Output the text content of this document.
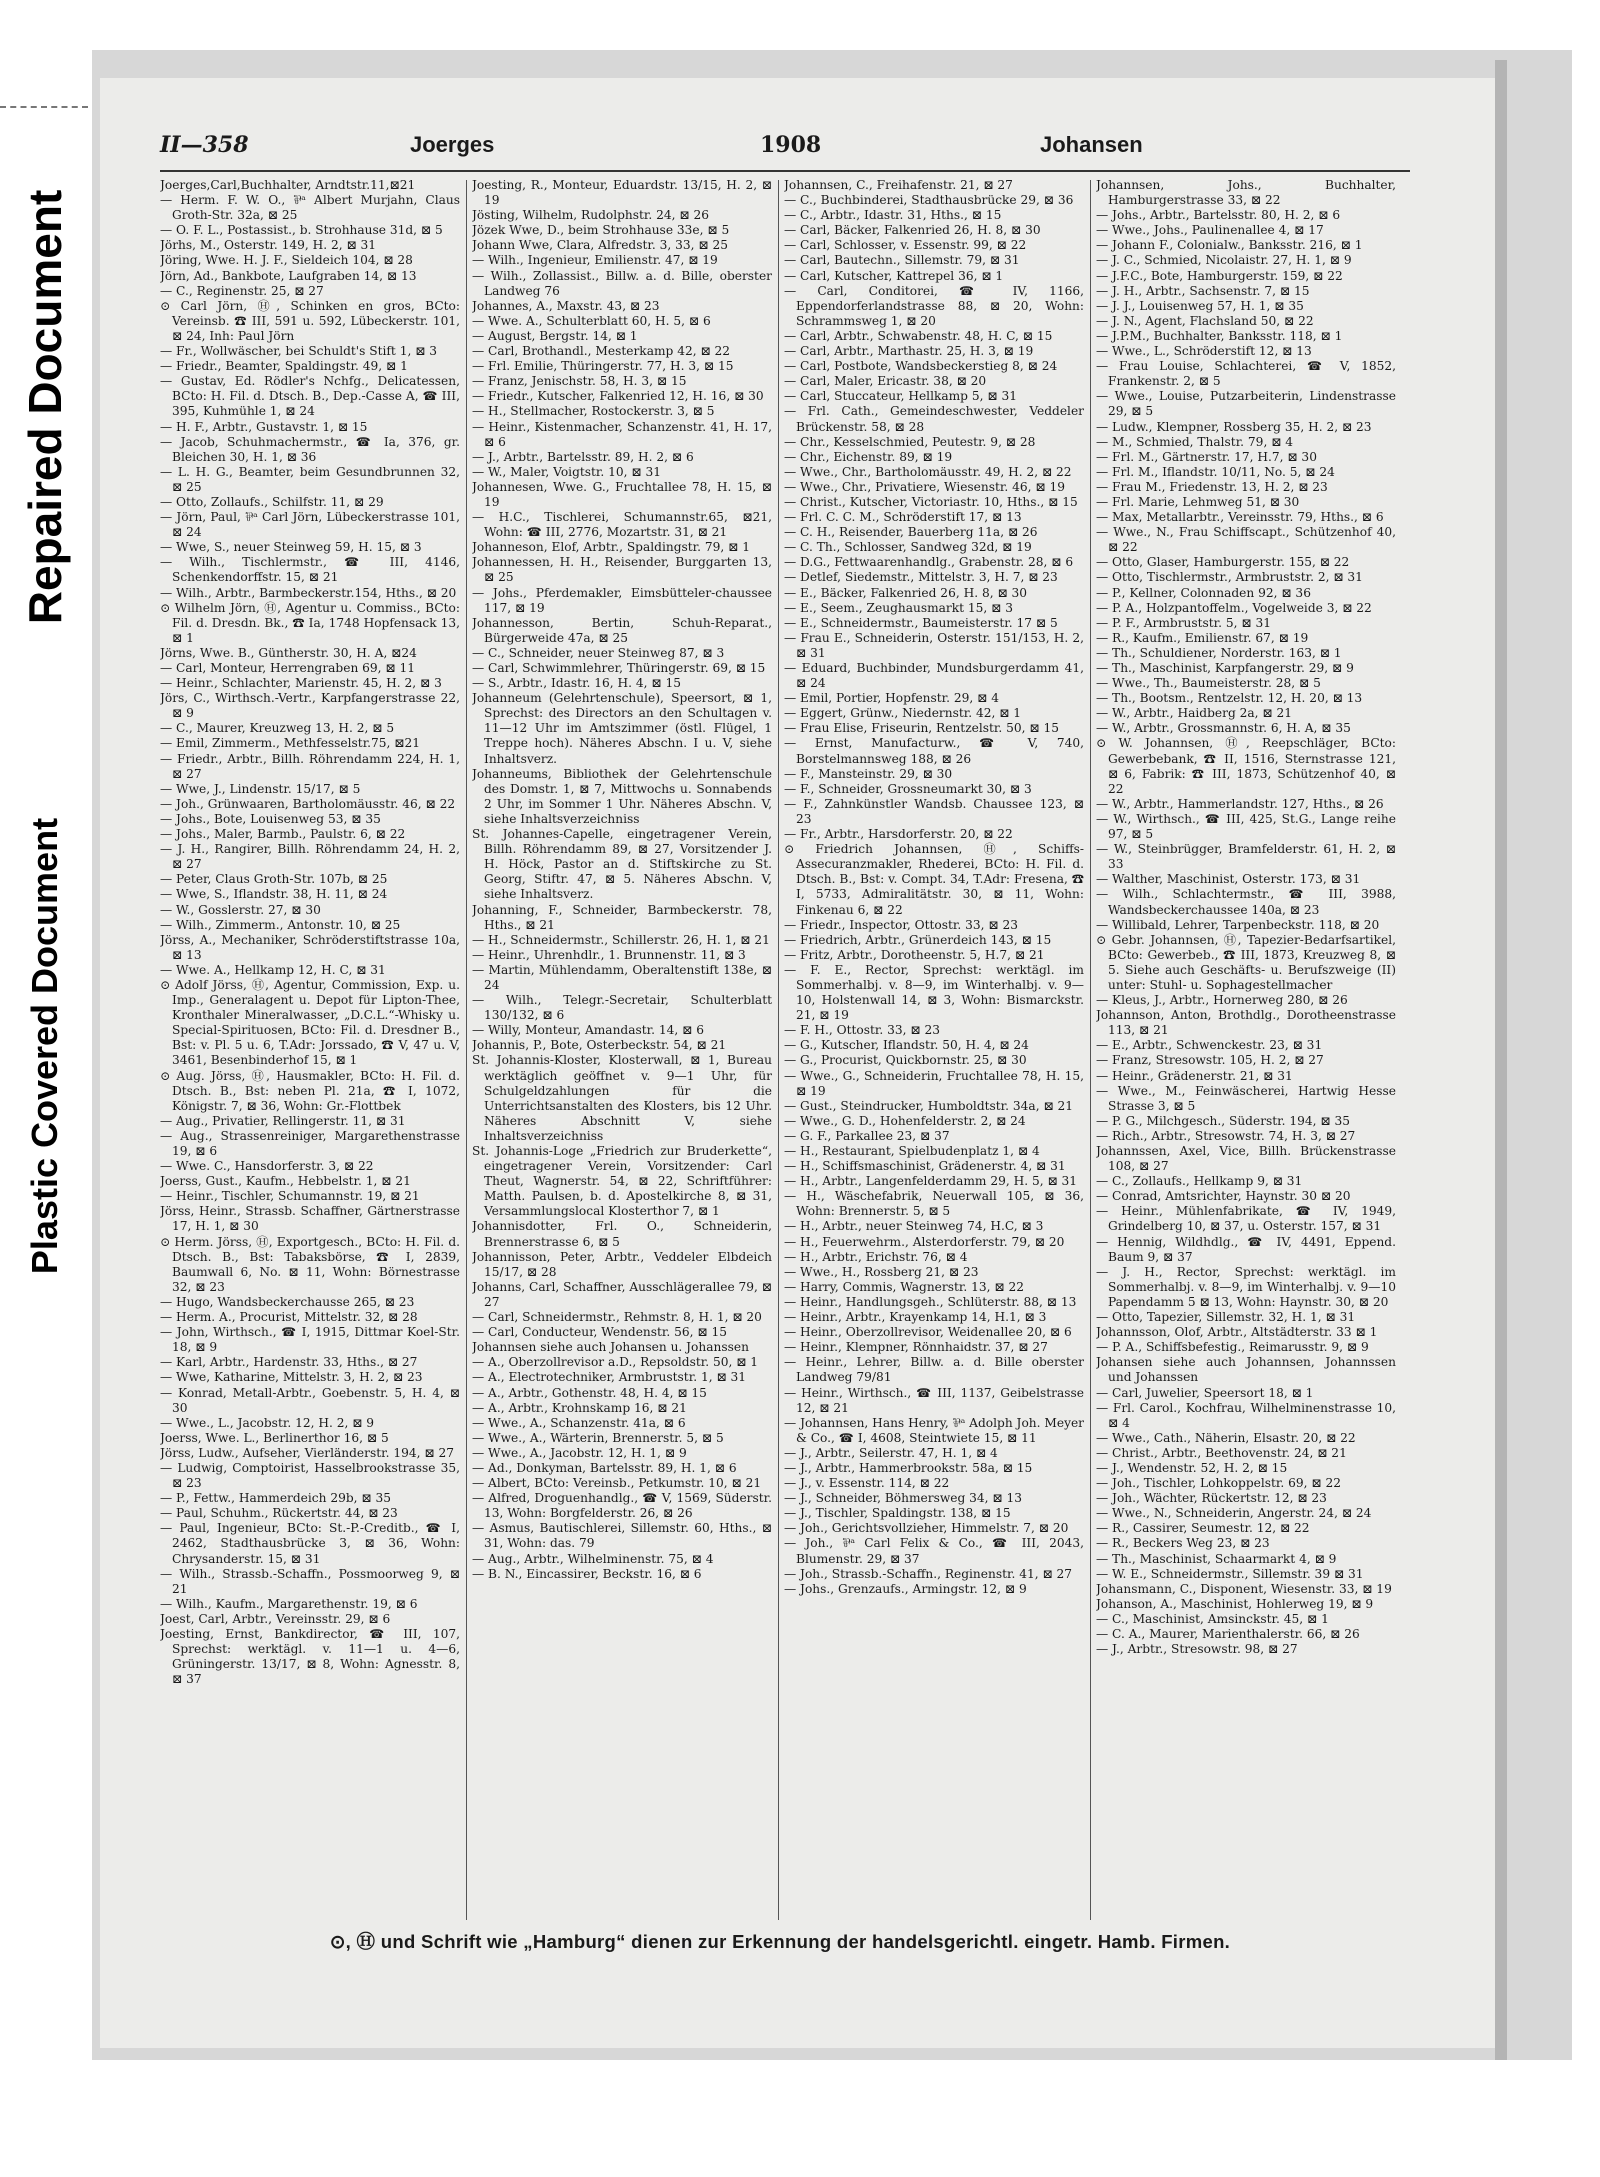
Repaired Document
Plastic Covered Document
II—358	Joerges	1908	Johansen

Joerges,Carl,Buchhalter, Arndtstr.11,⊠21

— Herm. F. W. O., ⅌ᵃ Albert Murjahn, Claus Groth-Str. 32a, ⊠ 25

— O. F. L., Postassist., b. Strohhause 31d, ⊠ 5

Jörhs, M., Osterstr. 149, H. 2, ⊠ 31

Jöring, Wwe. H. J. F., Sieldeich 104, ⊠ 28

Jörn, Ad., Bankbote, Laufgraben 14, ⊠ 13

— C., Reginenstr. 25, ⊠ 27

⊙ Carl Jörn, Ⓗ, Schinken en gros, BCto: Vereinsb. ☎ III, 591 u. 592, Lübeckerstr. 101, ⊠ 24, Inh: Paul Jörn

— Fr., Wollwäscher, bei Schuldt's Stift 1, ⊠ 3

— Friedr., Beamter, Spaldingstr. 49, ⊠ 1

— Gustav, Ed. Rödler's Nchfg., Delicatessen, BCto: H. Fil. d. Dtsch. B., Dep.-Casse A, ☎ III, 395, Kuhmühle 1, ⊠ 24

— H. F., Arbtr., Gustavstr. 1, ⊠ 15

— Jacob, Schuhmachermstr., ☎ Ia, 376, gr. Bleichen 30, H. 1, ⊠ 36

— L. H. G., Beamter, beim Gesundbrunnen 32, ⊠ 25

— Otto, Zollaufs., Schilfstr. 11, ⊠ 29

— Jörn, Paul, ⅌ᵃ Carl Jörn, Lübeckerstrasse 101, ⊠ 24

— Wwe, S., neuer Steinweg 59, H. 15, ⊠ 3

— Wilh., Tischlermstr., ☎ III, 4146, Schenkendorffstr. 15, ⊠ 21

— Wilh., Arbtr., Barmbeckerstr.154, Hths., ⊠ 20

⊙ Wilhelm Jörn, Ⓗ, Agentur u. Commiss., BCto: Fil. d. Dresdn. Bk., ☎ Ia, 1748 Hopfensack 13, ⊠ 1

Jörns, Wwe. B., Güntherstr. 30, H. A, ⊠24

— Carl, Monteur, Herrengraben 69, ⊠ 11

— Heinr., Schlachter, Marienstr. 45, H. 2, ⊠ 3

Jörs, C., Wirthsch.-Vertr., Karpfangerstrasse 22, ⊠ 9

— C., Maurer, Kreuzweg 13, H. 2, ⊠ 5

— Emil, Zimmerm., Methfesselstr.75, ⊠21

— Friedr., Arbtr., Billh. Röhrendamm 224, H. 1, ⊠ 27

— Wwe, J., Lindenstr. 15/17, ⊠ 5

— Joh., Grünwaaren, Bartholomäusstr. 46, ⊠ 22

— Johs., Bote, Louisenweg 53, ⊠ 35

— Johs., Maler, Barmb., Paulstr. 6, ⊠ 22

— J. H., Rangirer, Billh. Röhrendamm 24, H. 2, ⊠ 27

— Peter, Claus Groth-Str. 107b, ⊠ 25

— Wwe, S., Iflandstr. 38, H. 11, ⊠ 24

— W., Gosslerstr. 27, ⊠ 30

— Wilh., Zimmerm., Antonstr. 10, ⊠ 25

Jörss, A., Mechaniker, Schröderstiftstrasse 10a, ⊠ 13

— Wwe. A., Hellkamp 12, H. C, ⊠ 31

⊙ Adolf Jörss, Ⓗ, Agentur, Commission, Exp. u. Imp., Generalagent u. Depot für Lipton-Thee, Kronthaler Mineralwasser, „D.C.L.“-Whisky u. Special-Spirituosen, BCto: Fil. d. Dresdner B., Bst: v. Pl. 5 u. 6, T.Adr: Jorssado, ☎ V, 47 u. V, 3461, Besenbinderhof 15, ⊠ 1

⊙ Aug. Jörss, Ⓗ, Hausmakler, BCto: H. Fil. d. Dtsch. B., Bst: neben Pl. 21a, ☎ I, 1072, Königstr. 7, ⊠ 36, Wohn: Gr.-Flottbek

— Aug., Privatier, Rellingerstr. 11, ⊠ 31

— Aug., Strassenreiniger, Margarethenstrasse 19, ⊠ 6

— Wwe. C., Hansdorferstr. 3, ⊠ 22

Joerss, Gust., Kaufm., Hebbelstr. 1, ⊠ 21

— Heinr., Tischler, Schumannstr. 19, ⊠ 21

Jörss, Heinr., Strassb. Schaffner, Gärtnerstrasse 17, H. 1, ⊠ 30

⊙ Herm. Jörss, Ⓗ, Exportgesch., BCto: H. Fil. d. Dtsch. B., Bst: Tabaksbörse, ☎ I, 2839, Baumwall 6, No. ⊠ 11, Wohn: Börnestrasse 32, ⊠ 23

— Hugo, Wandsbeckerchausse 265, ⊠ 23

— Herm. A., Procurist, Mittelstr. 32, ⊠ 28

— John, Wirthsch., ☎ I, 1915, Dittmar Koel-Str. 18, ⊠ 9

— Karl, Arbtr., Hardenstr. 33, Hths., ⊠ 27

— Wwe, Katharine, Mittelstr. 3, H. 2, ⊠ 23

— Konrad, Metall-Arbtr., Goebenstr. 5, H. 4, ⊠ 30

— Wwe., L., Jacobstr. 12, H. 2, ⊠ 9

Joerss, Wwe. L., Berlinerthor 16, ⊠ 5

Jörss, Ludw., Aufseher, Vierländerstr. 194, ⊠ 27

— Ludwig, Comptoirist, Hasselbrookstrasse 35, ⊠ 23

— P., Fettw., Hammerdeich 29b, ⊠ 35

— Paul, Schuhm., Rückertstr. 44, ⊠ 23

— Paul, Ingenieur, BCto: St.-P.-Creditb., ☎ I, 2462, Stadthausbrücke 3, ⊠ 36, Wohn: Chrysanderstr. 15, ⊠ 31

— Wilh., Strassb.-Schaffn., Possmoorweg 9, ⊠ 21

— Wilh., Kaufm., Margarethenstr. 19, ⊠ 6

Joest, Carl, Arbtr., Vereinsstr. 29, ⊠ 6

Joesting, Ernst, Bankdirector, ☎ III, 107, Sprechst: werktägl. v. 11—1 u. 4—6, Grüningerstr. 13/17, ⊠ 8, Wohn: Agnesstr. 8, ⊠ 37

Joesting, R., Monteur, Eduardstr. 13/15, H. 2, ⊠ 19

Jösting, Wilhelm, Rudolphstr. 24, ⊠ 26

Jözek Wwe, D., beim Strohhause 33e, ⊠ 5

Johann Wwe, Clara, Alfredstr. 3, 33, ⊠ 25

— Wilh., Ingenieur, Emilienstr. 47, ⊠ 19

— Wilh., Zollassist., Billw. a. d. Bille, oberster Landweg 76

Johannes, A., Maxstr. 43, ⊠ 23

— Wwe. A., Schulterblatt 60, H. 5, ⊠ 6

— August, Bergstr. 14, ⊠ 1

— Carl, Brothandl., Mesterkamp 42, ⊠ 22

— Frl. Emilie, Thüringerstr. 77, H. 3, ⊠ 15

— Franz, Jenischstr. 58, H. 3, ⊠ 15

— Friedr., Kutscher, Falkenried 12, H. 16, ⊠ 30

— H., Stellmacher, Rostockerstr. 3, ⊠ 5

— Heinr., Kistenmacher, Schanzenstr. 41, H. 17, ⊠ 6

— J., Arbtr., Bartelsstr. 89, H. 2, ⊠ 6

— W., Maler, Voigtstr. 10, ⊠ 31

Johannesen, Wwe. G., Fruchtallee 78, H. 15, ⊠ 19

— H.C., Tischlerei, Schumannstr.65, ⊠21, Wohn: ☎ III, 2776, Mozartstr. 31, ⊠ 21

Johanneson, Elof, Arbtr., Spaldingstr. 79, ⊠ 1

Johannessen, H. H., Reisender, Burggarten 13, ⊠ 25

— Johs., Pferdemakler, Eimsbütteler-chaussee 117, ⊠ 19

Johannesson, Bertin, Schuh-Reparat., Bürgerweide 47a, ⊠ 25

— C., Schneider, neuer Steinweg 87, ⊠ 3

— Carl, Schwimmlehrer, Thüringerstr. 69, ⊠ 15

— S., Arbtr., Idastr. 16, H. 4, ⊠ 15

Johanneum (Gelehrtenschule), Speersort, ⊠ 1, Sprechst: des Directors an den Schultagen v. 11—12 Uhr im Amtszimmer (östl. Flügel, 1 Treppe hoch). Näheres Abschn. I u. V, siehe Inhaltsverz.

Johanneums, Bibliothek der Gelehrtenschule des Domstr. 1, ⊠ 7, Mittwochs u. Sonnabends 2 Uhr, im Sommer 1 Uhr. Näheres Abschn. V, siehe Inhaltsverzeichniss

St. Johannes-Capelle, eingetragener Verein, Billh. Röhrendamm 89, ⊠ 27, Vorsitzender J. H. Höck, Pastor an d. Stiftskirche zu St. Georg, Stiftr. 47, ⊠ 5. Näheres Abschn. V, siehe Inhaltsverz.

Johanning, F., Schneider, Barmbeckerstr. 78, Hths., ⊠ 21

— H., Schneidermstr., Schillerstr. 26, H. 1, ⊠ 21

— Heinr., Uhrenhdlr., 1. Brunnenstr. 11, ⊠ 3

— Martin, Mühlendamm, Oberaltenstift 138e, ⊠ 24

— Wilh., Telegr.-Secretair, Schulterblatt 130/132, ⊠ 6

— Willy, Monteur, Amandastr. 14, ⊠ 6

Johannis, P., Bote, Osterbeckstr. 54, ⊠ 21

St. Johannis-Kloster, Klosterwall, ⊠ 1, Bureau werktäglich geöffnet v. 9—1 Uhr, für Schulgeldzahlungen für die Unterrichtsanstalten des Klosters, bis 12 Uhr. Näheres Abschnitt V, siehe Inhaltsverzeichniss

St. Johannis-Loge „Friedrich zur Bruderkette“, eingetragener Verein, Vorsitzender: Carl Theut, Wagnerstr. 54, ⊠ 22, Schriftführer: Matth. Paulsen, b. d. Apostelkirche 8, ⊠ 31, Versammlungslocal Klosterthor 7, ⊠ 1

Johannisdotter, Frl. O., Schneiderin, Brennerstrasse 6, ⊠ 5

Johannisson, Peter, Arbtr., Veddeler Elbdeich 15/17, ⊠ 28

Johanns, Carl, Schaffner, Ausschlägerallee 79, ⊠ 27

— Carl, Schneidermstr., Rehmstr. 8, H. 1, ⊠ 20

— Carl, Conducteur, Wendenstr. 56, ⊠ 15

Johannsen siehe auch Johansen u. Johanssen

— A., Oberzollrevisor a.D., Repsoldstr. 50, ⊠ 1

— A., Electrotechniker, Armbruststr. 1, ⊠ 31

— A., Arbtr., Gothenstr. 48, H. 4, ⊠ 15

— A., Arbtr., Krohnskamp 16, ⊠ 21

— Wwe., A., Schanzenstr. 41a, ⊠ 6

— Wwe., A., Wärterin, Brennerstr. 5, ⊠ 5

— Wwe., A., Jacobstr. 12, H. 1, ⊠ 9

— Ad., Donkyman, Bartelsstr. 89, H. 1, ⊠ 6

— Albert, BCto: Vereinsb., Petkumstr. 10, ⊠ 21

— Alfred, Droguenhandlg., ☎ V, 1569, Süderstr. 13, Wohn: Borgfelderstr. 26, ⊠ 26

— Asmus, Bautischlerei, Sillemstr. 60, Hths., ⊠ 31, Wohn: das. 79

— Aug., Arbtr., Wilhelminenstr. 75, ⊠ 4

— B. N., Eincassirer, Beckstr. 16, ⊠ 6

Johannsen, C., Freihafenstr. 21, ⊠ 27

— C., Buchbinderei, Stadthausbrücke 29, ⊠ 36

— C., Arbtr., Idastr. 31, Hths., ⊠ 15

— Carl, Bäcker, Falkenried 26, H. 8, ⊠ 30

— Carl, Schlosser, v. Essenstr. 99, ⊠ 22

— Carl, Bautechn., Sillemstr. 79, ⊠ 31

— Carl, Kutscher, Kattrepel 36, ⊠ 1

— Carl, Conditorei, ☎ IV, 1166, Eppendorferlandstrasse 88, ⊠ 20, Wohn: Schrammsweg 1, ⊠ 20

— Carl, Arbtr., Schwabenstr. 48, H. C, ⊠ 15

— Carl, Arbtr., Marthastr. 25, H. 3, ⊠ 19

— Carl, Postbote, Wandsbeckerstieg 8, ⊠ 24

— Carl, Maler, Ericastr. 38, ⊠ 20

— Carl, Stuccateur, Hellkamp 5, ⊠ 31

— Frl. Cath., Gemeindeschwester, Veddeler Brückenstr. 58, ⊠ 28

— Chr., Kesselschmied, Peutestr. 9, ⊠ 28

— Chr., Eichenstr. 89, ⊠ 19

— Wwe., Chr., Bartholomäusstr. 49, H. 2, ⊠ 22

— Wwe., Chr., Privatiere, Wiesenstr. 46, ⊠ 19

— Christ., Kutscher, Victoriastr. 10, Hths., ⊠ 15

— Frl. C. C. M., Schröderstift 17, ⊠ 13

— C. H., Reisender, Bauerberg 11a, ⊠ 26

— C. Th., Schlosser, Sandweg 32d, ⊠ 19

— D.G., Fettwaarenhandlg., Grabenstr. 28, ⊠ 6

— Detlef, Siedemstr., Mittelstr. 3, H. 7, ⊠ 23

— E., Bäcker, Falkenried 26, H. 8, ⊠ 30

— E., Seem., Zeughausmarkt 15, ⊠ 3

— E., Schneidermstr., Baumeisterstr. 17 ⊠ 5

— Frau E., Schneiderin, Osterstr. 151/153, H. 2, ⊠ 31

— Eduard, Buchbinder, Mundsburgerdamm 41, ⊠ 24

— Emil, Portier, Hopfenstr. 29, ⊠ 4

— Eggert, Grünw., Niedernstr. 42, ⊠ 1

— Frau Elise, Friseurin, Rentzelstr. 50, ⊠ 15

— Ernst, Manufacturw., ☎ V, 740, Borstelmannsweg 188, ⊠ 26

— F., Mansteinstr. 29, ⊠ 30

— F., Schneider, Grossneumarkt 30, ⊠ 3

— F., Zahnkünstler Wandsb. Chaussee 123, ⊠ 23

— Fr., Arbtr., Harsdorferstr. 20, ⊠ 22

⊙ Friedrich Johannsen, Ⓗ, Schiffs-Assecuranzmakler, Rhederei, BCto: H. Fil. d. Dtsch. B., Bst: v. Compt. 34, T.Adr: Fresena, ☎ I, 5733, Admiralitätstr. 30, ⊠ 11, Wohn: Finkenau 6, ⊠ 22

— Friedr., Inspector, Ottostr. 33, ⊠ 23

— Friedrich, Arbtr., Grünerdeich 143, ⊠ 15

— Fritz, Arbtr., Dorotheenstr. 5, H.7, ⊠ 21

— F. E., Rector, Sprechst: werktägl. im Sommerhalbj. v. 8—9, im Winterhalbj. v. 9—10, Holstenwall 14, ⊠ 3, Wohn: Bismarckstr. 21, ⊠ 19

— F. H., Ottostr. 33, ⊠ 23

— G., Kutscher, Iflandstr. 50, H. 4, ⊠ 24

— G., Procurist, Quickbornstr. 25, ⊠ 30

— Wwe., G., Schneiderin, Fruchtallee 78, H. 15, ⊠ 19

— Gust., Steindrucker, Humboldtstr. 34a, ⊠ 21

— Wwe., G. D., Hohenfelderstr. 2, ⊠ 24

— G. F., Parkallee 23, ⊠ 37

— H., Restaurant, Spielbudenplatz 1, ⊠ 4

— H., Schiffsmaschinist, Grädenerstr. 4, ⊠ 31

— H., Arbtr., Langenfelderdamm 29, H. 5, ⊠ 31

— H., Wäschefabrik, Neuerwall 105, ⊠ 36, Wohn: Brennerstr. 5, ⊠ 5

— H., Arbtr., neuer Steinweg 74, H.C, ⊠ 3

— H., Feuerwehrm., Alsterdorferstr. 79, ⊠ 20

— H., Arbtr., Erichstr. 76, ⊠ 4

— Wwe., H., Rossberg 21, ⊠ 23

— Harry, Commis, Wagnerstr. 13, ⊠ 22

— Heinr., Handlungsgeh., Schlüterstr. 88, ⊠ 13

— Heinr., Arbtr., Krayenkamp 14, H.1, ⊠ 3

— Heinr., Oberzollrevisor, Weidenallee 20, ⊠ 6

— Heinr., Klempner, Rönnhaidstr. 37, ⊠ 27

— Heinr., Lehrer, Billw. a. d. Bille oberster Landweg 79/81

— Heinr., Wirthsch., ☎ III, 1137, Geibelstrasse 12, ⊠ 21

— Johannsen, Hans Henry, ⅌ᵃ Adolph Joh. Meyer & Co., ☎ I, 4608, Steintwiete 15, ⊠ 11

— J., Arbtr., Seilerstr. 47, H. 1, ⊠ 4

— J., Arbtr., Hammerbrookstr. 58a, ⊠ 15

— J., v. Essenstr. 114, ⊠ 22

— J., Schneider, Böhmersweg 34, ⊠ 13

— J., Tischler, Spaldingstr. 138, ⊠ 15

— Joh., Gerichtsvollzieher, Himmelstr. 7, ⊠ 20

— Joh., ⅌ᵃ Carl Felix & Co., ☎ III, 2043, Blumenstr. 29, ⊠ 37

— Joh., Strassb.-Schaffn., Reginenstr. 41, ⊠ 27

— Johs., Grenzaufs., Armingstr. 12, ⊠ 9

Johannsen, Johs., Buchhalter, Hamburgerstrasse 33, ⊠ 22

— Johs., Arbtr., Bartelsstr. 80, H. 2, ⊠ 6

— Wwe., Johs., Paulinenallee 4, ⊠ 17

— Johann F., Colonialw., Banksstr. 216, ⊠ 1

— J. C., Schmied, Nicolaistr. 27, H. 1, ⊠ 9

— J.F.C., Bote, Hamburgerstr. 159, ⊠ 22

— J. H., Arbtr., Sachsenstr. 7, ⊠ 15

— J. J., Louisenweg 57, H. 1, ⊠ 35

— J. N., Agent, Flachsland 50, ⊠ 22

— J.P.M., Buchhalter, Banksstr. 118, ⊠ 1

— Wwe., L., Schröderstift 12, ⊠ 13

— Frau Louise, Schlachterei, ☎ V, 1852, Frankenstr. 2, ⊠ 5

— Wwe., Louise, Putzarbeiterin, Lindenstrasse 29, ⊠ 5

— Ludw., Klempner, Rossberg 35, H. 2, ⊠ 23

— M., Schmied, Thalstr. 79, ⊠ 4

— Frl. M., Gärtnerstr. 17, H.7, ⊠ 30

— Frl. M., Iflandstr. 10/11, No. 5, ⊠ 24

— Frau M., Friedenstr. 13, H. 2, ⊠ 23

— Frl. Marie, Lehmweg 51, ⊠ 30

— Max, Metallarbtr., Vereinsstr. 79, Hths., ⊠ 6

— Wwe., N., Frau Schiffscapt., Schützenhof 40, ⊠ 22

— Otto, Glaser, Hamburgerstr. 155, ⊠ 22

— Otto, Tischlermstr., Armbruststr. 2, ⊠ 31

— P., Kellner, Colonnaden 92, ⊠ 36

— P. A., Holzpantoffelm., Vogelweide 3, ⊠ 22

— P. F., Armbruststr. 5, ⊠ 31

— R., Kaufm., Emilienstr. 67, ⊠ 19

— Th., Schuldiener, Norderstr. 163, ⊠ 1

— Th., Maschinist, Karpfangerstr. 29, ⊠ 9

— Wwe., Th., Baumeisterstr. 28, ⊠ 5

— Th., Bootsm., Rentzelstr. 12, H. 20, ⊠ 13

— W., Arbtr., Haidberg 2a, ⊠ 21

— W., Arbtr., Grossmannstr. 6, H. A, ⊠ 35

⊙ W. Johannsen, Ⓗ, Reepschläger, BCto: Gewerbebank, ☎ II, 1516, Sternstrasse 121, ⊠ 6, Fabrik: ☎ III, 1873, Schützenhof 40, ⊠ 22

— W., Arbtr., Hammerlandstr. 127, Hths., ⊠ 26

— W., Wirthsch., ☎ III, 425, St.G., Lange reihe 97, ⊠ 5

— W., Steinbrügger, Bramfelderstr. 61, H. 2, ⊠ 33

— Walther, Maschinist, Osterstr. 173, ⊠ 31

— Wilh., Schlachtermstr., ☎ III, 3988, Wandsbeckerchaussee 140a, ⊠ 23

— Willibald, Lehrer, Tarpenbeckstr. 118, ⊠ 20

⊙ Gebr. Johannsen, Ⓗ, Tapezier-Bedarfsartikel, BCto: Gewerbeb., ☎ III, 1873, Kreuzweg 8, ⊠ 5. Siehe auch Geschäfts- u. Berufszweige (II) unter: Stuhl- u. Sophagestellmacher

— Kleus, J., Arbtr., Hornerweg 280, ⊠ 26

Johannson, Anton, Brothdlg., Dorotheenstrasse 113, ⊠ 21

— E., Arbtr., Schwenckestr. 23, ⊠ 31

— Franz, Stresowstr. 105, H. 2, ⊠ 27

— Heinr., Grädenerstr. 21, ⊠ 31

— Wwe., M., Feinwäscherei, Hartwig Hesse Strasse 3, ⊠ 5

— P. G., Milchgesch., Süderstr. 194, ⊠ 35

— Rich., Arbtr., Stresowstr. 74, H. 3, ⊠ 27

Johannssen, Axel, Vice, Billh. Brückenstrasse 108, ⊠ 27

— C., Zollaufs., Hellkamp 9, ⊠ 31

— Conrad, Amtsrichter, Haynstr. 30 ⊠ 20

— Heinr., Mühlenfabrikate, ☎ IV, 1949, Grindelberg 10, ⊠ 37, u. Osterstr. 157, ⊠ 31

— Hennig, Wildhdlg., ☎ IV, 4491, Eppend. Baum 9, ⊠ 37

— J. H., Rector, Sprechst: werktägl. im Sommerhalbj. v. 8—9, im Winterhalbj. v. 9—10 Papendamm 5 ⊠ 13, Wohn: Haynstr. 30, ⊠ 20

— Otto, Tapezier, Sillemstr. 32, H. 1, ⊠ 31

Johannsson, Olof, Arbtr., Altstädterstr. 33 ⊠ 1

— P. A., Schiffsbefestig., Reimarusstr. 9, ⊠ 9

Johansen siehe auch Johannsen, Johannssen und Johanssen

— Carl, Juwelier, Speersort 18, ⊠ 1

— Frl. Carol., Kochfrau, Wilhelminenstrasse 10, ⊠ 4

— Wwe., Cath., Näherin, Elsastr. 20, ⊠ 22

— Christ., Arbtr., Beethovenstr. 24, ⊠ 21

— J., Wendenstr. 52, H. 2, ⊠ 15

— Joh., Tischler, Lohkoppelstr. 69, ⊠ 22

— Joh., Wächter, Rückertstr. 12, ⊠ 23

— Wwe., N., Schneiderin, Angerstr. 24, ⊠ 24

— R., Cassirer, Seumestr. 12, ⊠ 22

— R., Beckers Weg 23, ⊠ 23

— Th., Maschinist, Schaarmarkt 4, ⊠ 9

— W. E., Schneidermstr., Sillemstr. 39 ⊠ 31

Johansmann, C., Disponent, Wiesenstr. 33, ⊠ 19

Johanson, A., Maschinist, Hohlerweg 19, ⊠ 9

— C., Maschinist, Amsinckstr. 45, ⊠ 1

— C. A., Maurer, Marienthalerstr. 66, ⊠ 26

— J., Arbtr., Stresowstr. 98, ⊠ 27

⊙, Ⓗ und Schrift wie „Hamburg“ dienen zur Erkennung der handelsgerichtl. eingetr. Hamb. Firmen.
